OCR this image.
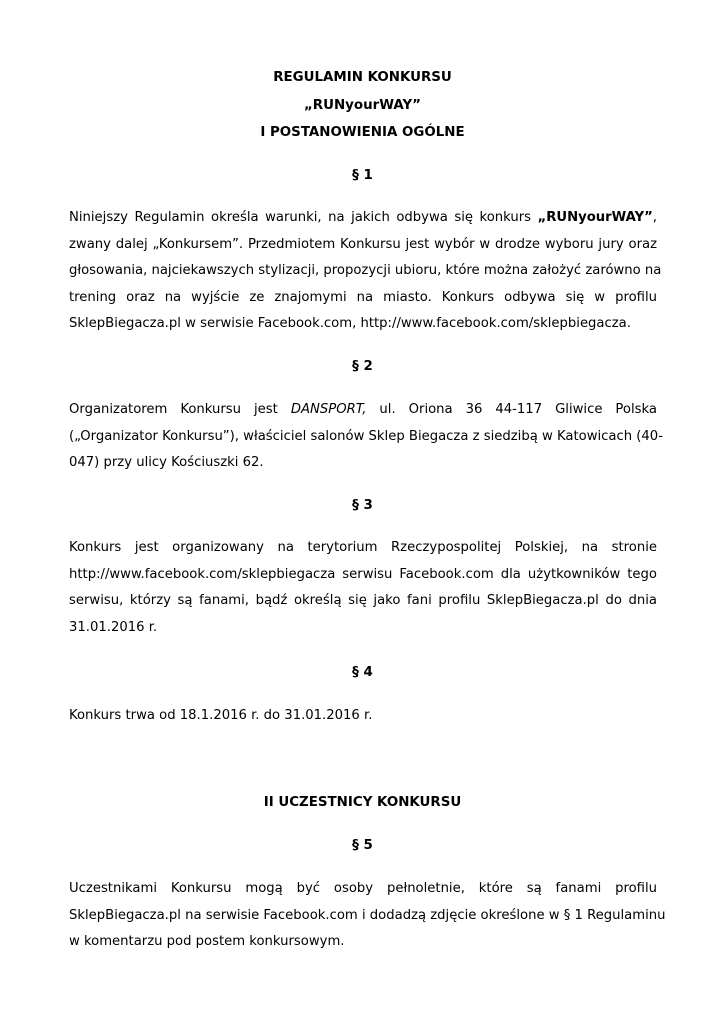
REGULAMIN KONKURSU
„RUNyourWAY”
I POSTANOWIENIA OGÓLNE
§ 1
Niniejszy Regulamin określa warunki, na jakich odbywa się konkurs „RUNyourWAY”,
zwany dalej „Konkursem”. Przedmiotem Konkursu jest wybór w drodze wyboru jury oraz
głosowania, najciekawszych stylizacji, propozycji ubioru, które można założyć zarówno na
trening oraz na wyjście ze znajomymi na miasto. Konkurs odbywa się w profilu
SklepBiegacza.pl w serwisie Facebook.com, http://www.facebook.com/sklepbiegacza.
§ 2
Organizatorem Konkursu jest DANSPORT, ul. Oriona 36 44-117 Gliwice Polska
(„Organizator Konkursu”), właściciel salonów Sklep Biegacza z siedzibą w Katowicach (40-
047) przy ulicy Kościuszki 62.
§ 3
Konkurs jest organizowany na terytorium Rzeczypospolitej Polskiej, na stronie
http://www.facebook.com/sklepbiegacza serwisu Facebook.com dla użytkowników tego
serwisu, którzy są fanami, bądź określą się jako fani profilu SklepBiegacza.pl do dnia
31.01.2016 r.
§ 4
Konkurs trwa od 18.1.2016 r. do 31.01.2016 r.
II UCZESTNICY KONKURSU
§ 5
Uczestnikami Konkursu mogą być osoby pełnoletnie, które są fanami profilu
SklepBiegacza.pl na serwisie Facebook.com i dodadzą zdjęcie określone w § 1 Regulaminu
w komentarzu pod postem konkursowym.
